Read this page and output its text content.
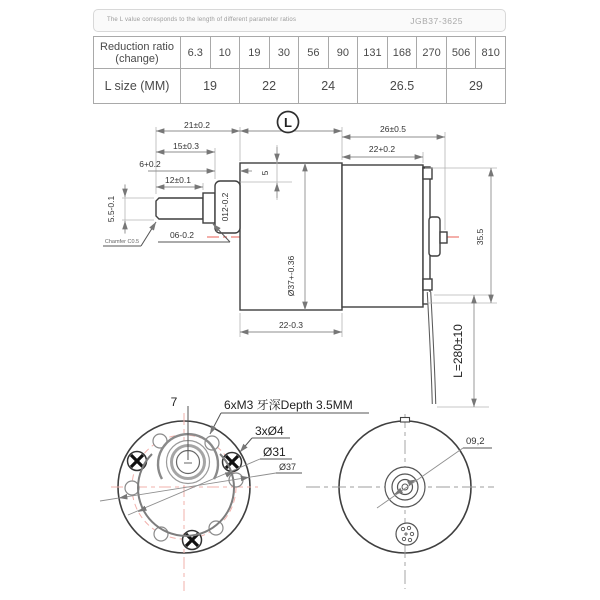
The L value corresponds to the length of different parameter ratios	JGB37-3625
Reduction ratio (change)	6.3	10	19	30	56	90	131	168	270	506	810
L size (MM)	19		22		24		26.5			29	
L
21±0.2
15±0.3
6+0.2
12±0.1
5.5-0.1	012-0.2
06-0.2
Chamfer C0.5
5
Ø37+-0.36
22-0.3
26±0.5
22+0.2
35.5
L=280±10
7	6xM3 牙深Depth 3.5MM
3xØ4
Ø31
Ø37
09,2
